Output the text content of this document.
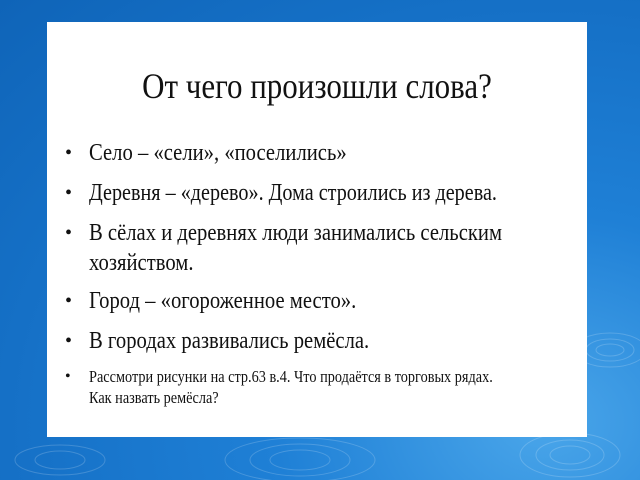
От чего произошли слова?
• Село – «сели», «поселились»
• Деревня – «дерево». Дома строились из дерева.
• В сёлах и деревнях люди занимались сельским
хозяйством.
• Город – «огороженное место».
• В городах развивались ремёсла.
• Рассмотри рисунки на стр.63 в.4. Что продаётся в торговых рядах.
Как назвать ремёсла?
